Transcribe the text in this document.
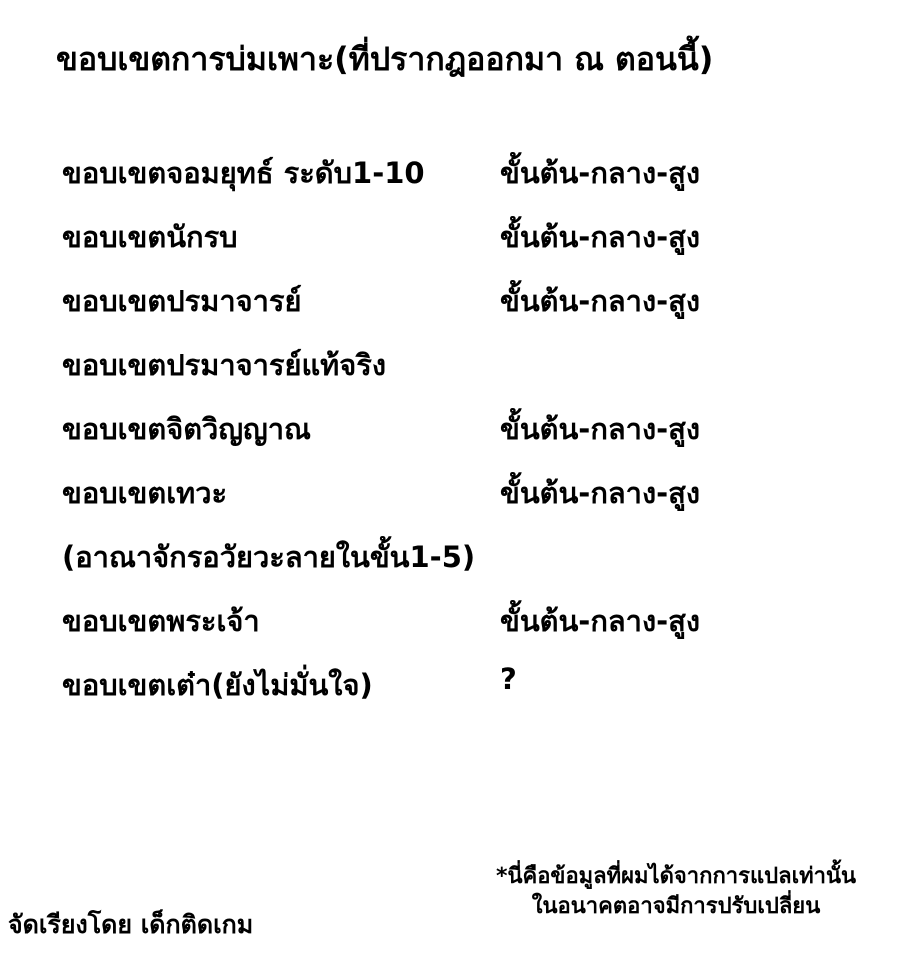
ขอบเขตการบ่มเพาะ(ที่ปรากฎออกมา ณ ตอนนี้)
ขอบเขตจอมยุทธ์ ระดับ1-10	ขั้นต้น-กลาง-สูง
ขอบเขตนักรบ	ขั้นต้น-กลาง-สูง
ขอบเขตปรมาจารย์	ขั้นต้น-กลาง-สูง
ขอบเขตปรมาจารย์แท้จริง
ขอบเขตจิตวิญญาณ	ขั้นต้น-กลาง-สูง
ขอบเขตเทวะ	ขั้นต้น-กลาง-สูง
(อาณาจักรอวัยวะลายในขั้น1-5)
ขอบเขตพระเจ้า	ขั้นต้น-กลาง-สูง
ขอบเขตเต๋า(ยังไม่มั่นใจ)	?
จัดเรียงโดย เด็กติดเกม
*นี่คือข้อมูลที่ผมได้จากการแปลเท่านั้น
ในอนาคตอาจมีการปรับเปลี่ยน
